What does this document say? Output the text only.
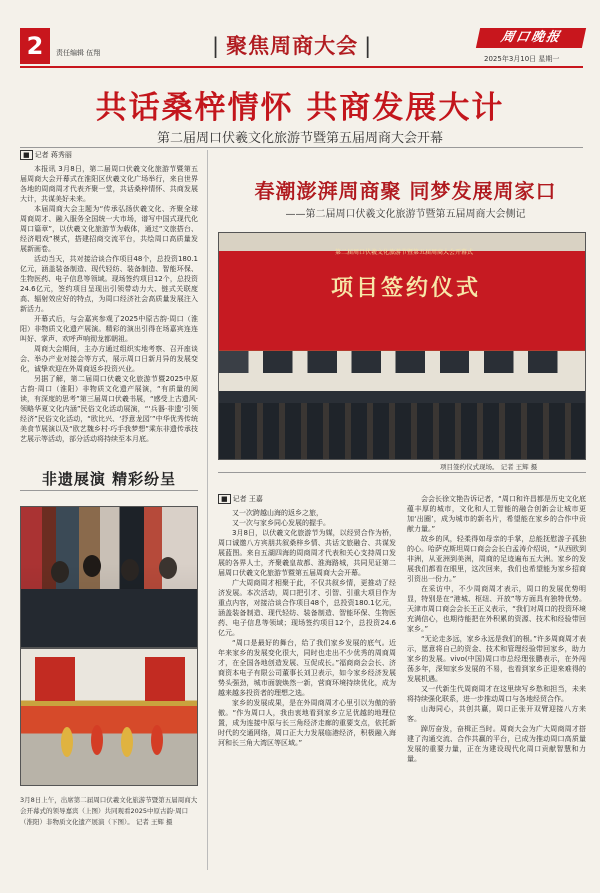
2	责任编辑 伍翔	| 聚焦周商大会 |	周口晚报
2025年3月10日 星期一
共话桑梓情怀 共商发展大计
第二届周口伏羲文化旅游节暨第五届周商大会开幕
■ 记者 蒋秀丽

本报讯 3月8日，第二届周口伏羲文化旅游节暨第五届周商大会开幕式在淮阳区伏羲文化广场举行，来自世界各地的周商周才代表齐聚一堂，共话桑梓情怀、共商发展大计，共谋美好未来。

本届周商大会主题为“传承弘扬伏羲文化、齐聚全球周商周才、融入服务全国统一大市场，谱写中国式现代化周口篇章”，以伏羲文化旅游节为载体，通过“文旅搭台、经济唱戏”模式，搭建招商交流平台，共绘周口高质量发展新画卷。

活动当天，共对接洽谈合作项目48个，总投资180.1亿元，涵盖装备制造、现代轻纺、装备制造、智能环保、生物医药、电子信息等领域。现场签约项目12个，总投资24.6亿元，签约项目呈现出引领带动力大、链式关联度高、辐射效应好的特点，为周口经济社会高质量发展注入新活力。

开幕式后，与会嘉宾参观了2025中原古韵·周口（淮阳）非物质文化遗产展演。精彩的演出引得在场嘉宾连连叫好、掌声、欢呼声响彻龙都朝祖。

周商大会期间，主办方通过组织实地考察、召开座谈会、举办产业对接会等方式，展示周口日新月异的发展变化，诚挚欢迎在外周商返乡投资兴业。

另据了解，第二届周口伏羲文化旅游节暨2025中原古韵·周口（淮阳）非物质文化遗产展演，“有质量的阅读，有深度的思考”第三届周口伏羲书展，“感受上古遗风·领略华夏文化内涵”民俗文化活动展演，“‘兵器·非遗’引领经济”民俗文化活动，“欧比兴、‘抒意龙园’”中华优秀传统美食节展演以及“欧艺魏乡村·巧手我梦想”乘东非遗传承技艺展示等活动，部分活动将持续至本月底。

非遗展演 精彩纷呈
3月8日上午，出席第二届周口伏羲文化旅游节暨第五届周商大会开幕式的领导嘉宾（上图）共同观看2025中原古韵·周口（淮阳）非物质文化遗产展演（下图）。 记者 王辉 摄
春潮澎湃周商聚 同梦发展周家口
——第二届周口伏羲文化旅游节暨第五届周商大会侧记
第二届周口伏羲文化旅游节暨第五届周商大会开幕式
项目签约仪式
项目签约仪式现场。 记者 王辉 摄
■ 记者 王嘉

又一次跨越山海的返乡之旅，

又一次与家乡同心发展的握手。

3月8日，以伏羲文化旅游节为媒，以经贸合作为桥，周口诚邀八方宾朋共叙桑梓乡情、共话文旅融合、共谋发展蓝图。来自五湖四海的周商周才代表和关心支持周口发展的各界人士，齐聚羲皇故都、淮海路城，共同见证第二届周口伏羲文化旅游节暨第五届周商大会开幕。

广大周商周才相聚于此，不仅共叙乡情，更推动了经济发展。本次活动，周口把引才、引智、引重大项目作为重点内容，对接洽谈合作项目48个，总投资180.1亿元，涵盖装备制造、现代轻纺、装备制造、智能环保、生物医药、电子信息等领域；现场签约项目12个，总投资24.6亿元。

“周口是最好的舞台，给了我们家乡发展的底气。近年来家乡的发展变化很大，同时也走出不少优秀的周商周才，在全国各地创造发展、互促成长。”福商商会会长、济商资本电子有限公司董事长刘卫表示，如今家乡经济发展势头强劲，城市面貌焕然一新，营商环境持续优化，成为越来越多投资者的理想之选。

家乡的发展成果，是在外周商周才心里引以为傲的骄傲。“作为周口人，我由衷地看到家乡立足优越的地理位置，成为连接中原与长三角经济走廊的重要支点，依托新时代的交通网络，周口正大力发展临港经济，积极融入海河和长三角大湾区等区域。”

会会长徐文艳告诉记者，“周口和许昌都是历史文化底蕴丰厚的城市，文化和人工智能的融合创新会让城市更加‘出圈’，成为城市的新名片，希望能在家乡的合作中贡献力量。”

故乡的风，轻柔得如母亲的手掌，总能抚慰游子孤独的心。哈萨克斯坦周口商会会长白孟涛介绍说，“从西欧到非洲，从亚洲到美洲，周商的足迹遍布五大洲。家乡的发展我们都看在眼里，这次回来，我们也希望能为家乡招商引资出一份力。”

在采访中，不少周商周才表示，周口的发展优势明显，特别是在“港城、枢纽、开放”等方面具有独特优势。天津市周口商会会长王正义表示，“我们对周口的投资环境充满信心，也期待能把在外积累的资源、技术和经验带回家乡。”

“无论走多远，家乡永远是我们的根。”许多周商周才表示，愿意将自己的资金、技术和管理经验带回家乡，助力家乡的发展。vivo(中国)周口市总经理张鹏表示，在外闯荡多年，深知家乡发展的不易，也看到家乡正迎来难得的发展机遇。

又一代新生代周商周才在这里续写乡愁和担当，未来将持续强化联系，进一步推动周口与各地经贸合作。

山海同心，共创共赢，周口正张开双臂迎接八方来客。

踔厉奋发，奋楫正当时。周商大会为广大周商周才搭建了沟通交流、合作共赢的平台，已成为推动周口高质量发展的重要力量，正在为建设现代化周口贡献智慧和力量。
